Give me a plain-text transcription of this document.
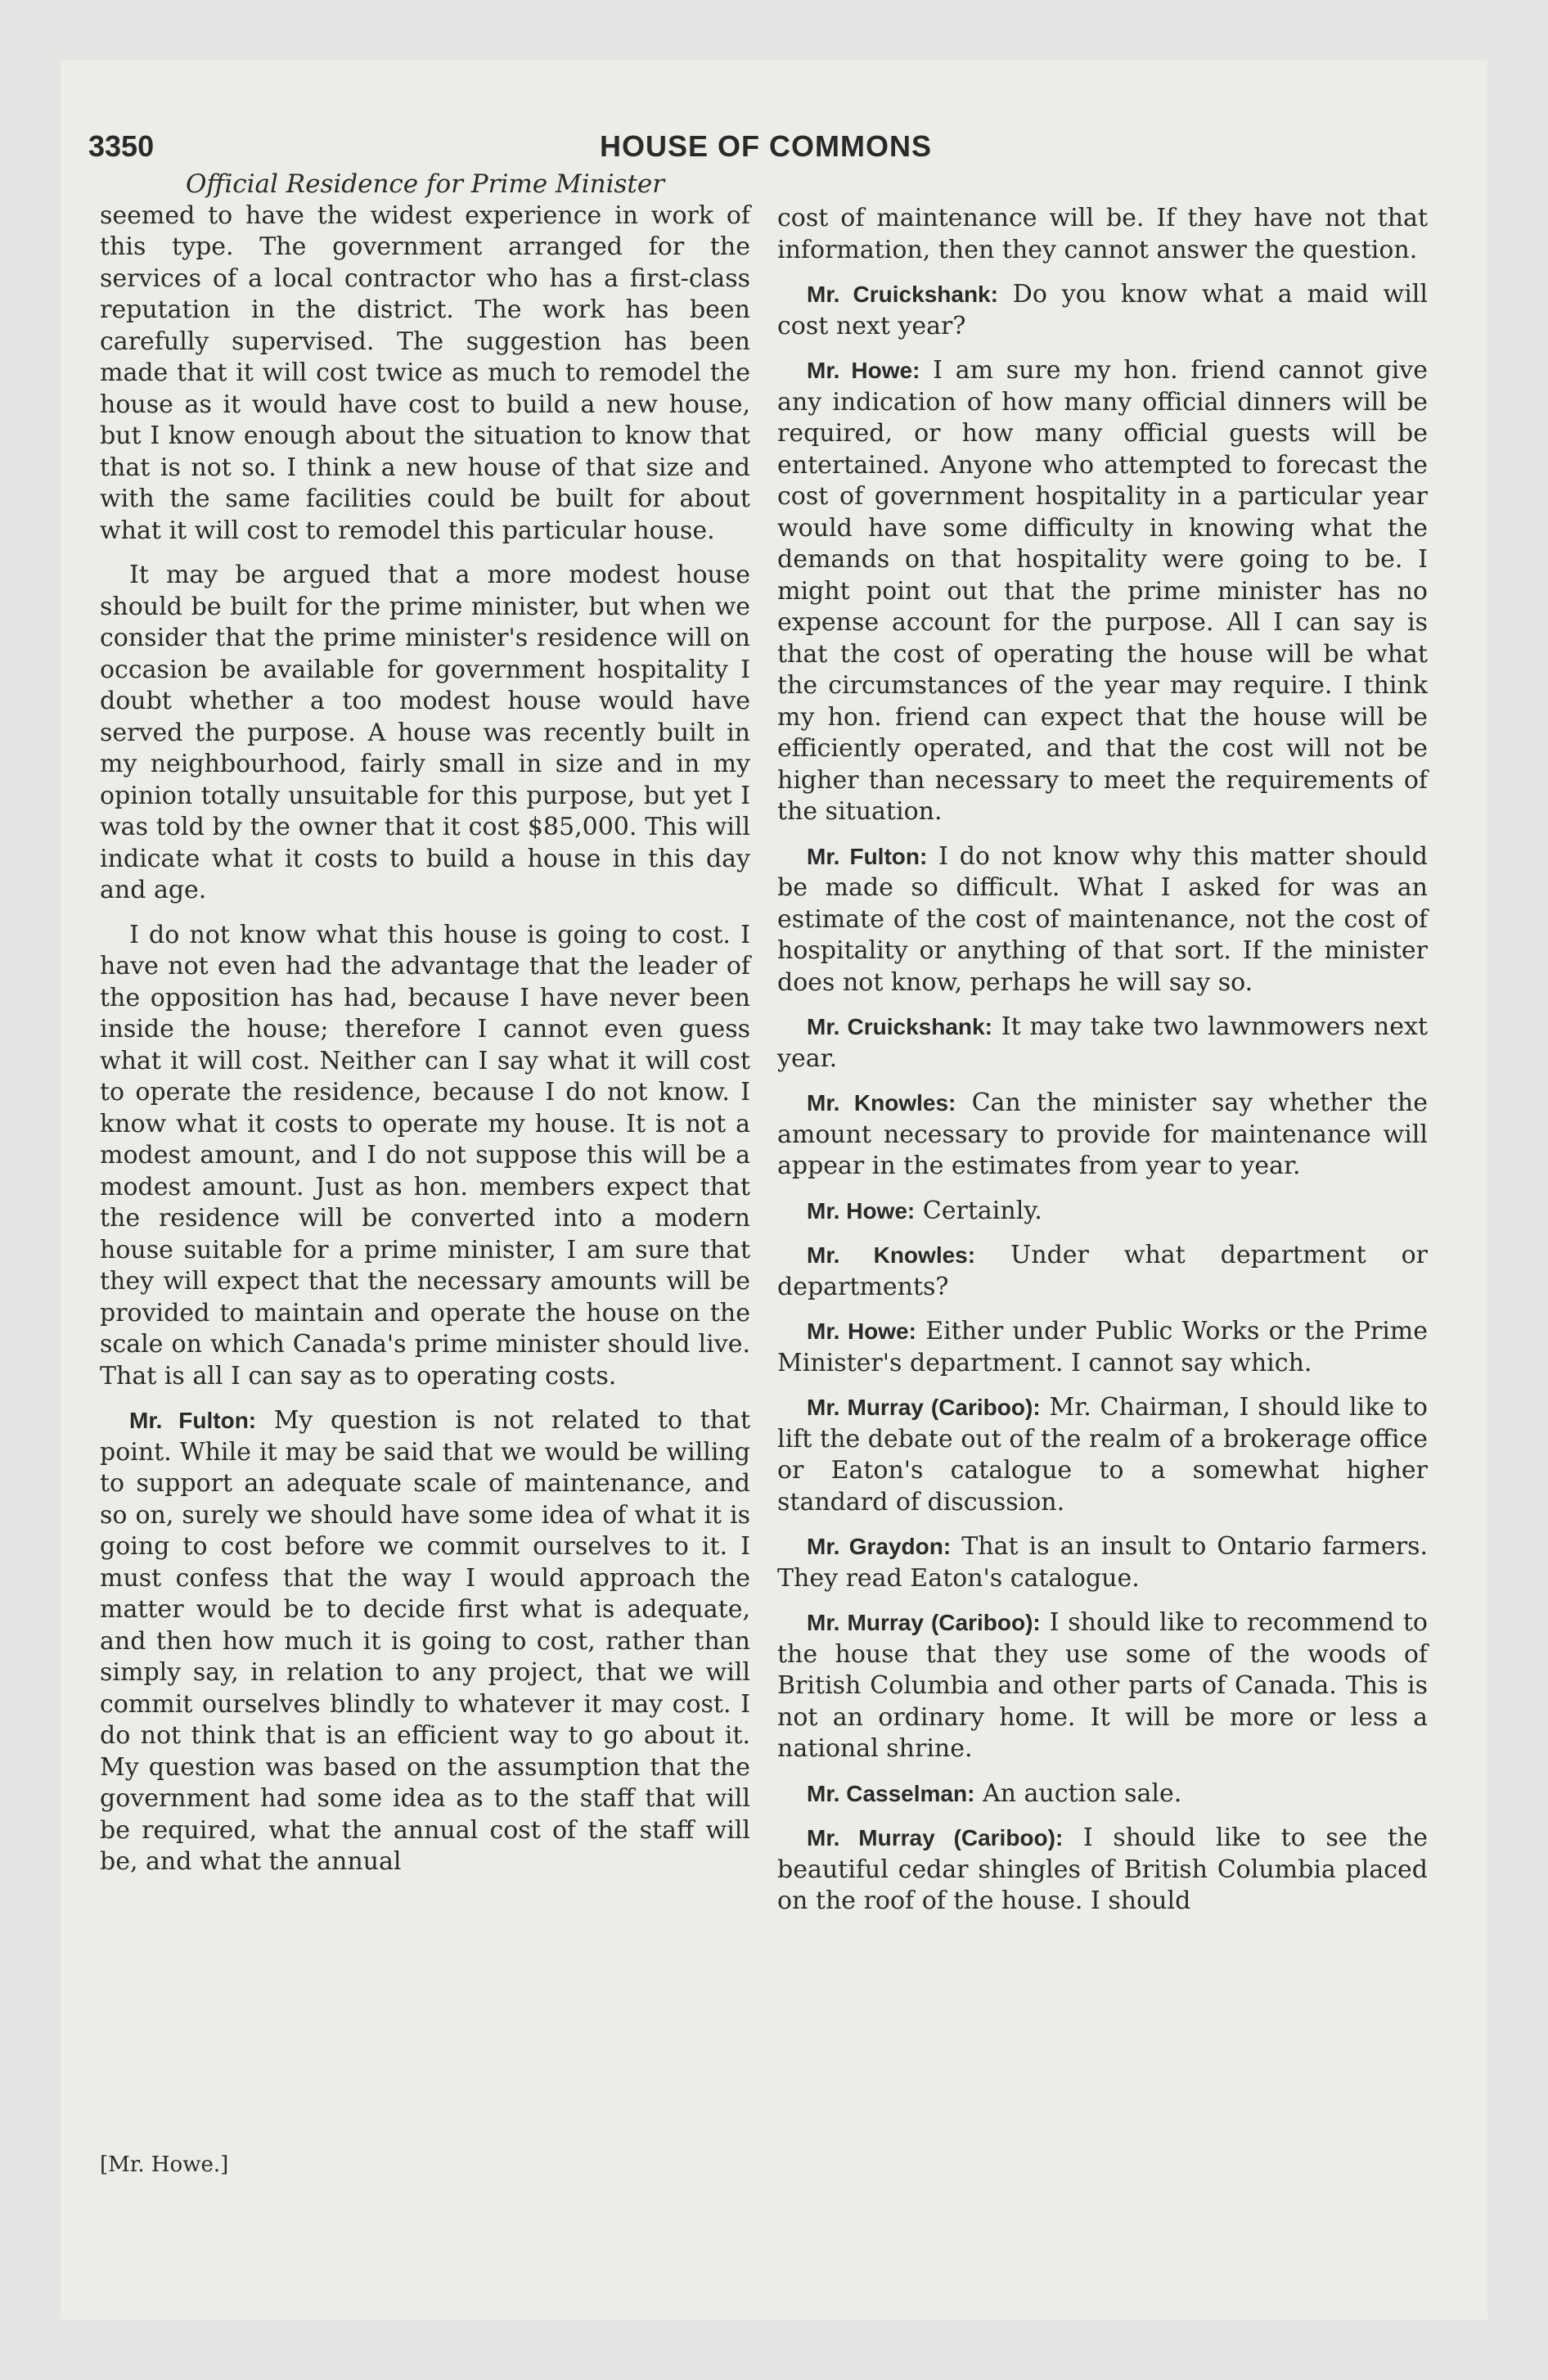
3350	HOUSE OF COMMONS
Official Residence for Prime Minister

seemed to have the widest experience in work of this type. The government arranged for the services of a local contractor who has a first-class reputation in the district. The work has been carefully supervised. The suggestion has been made that it will cost twice as much to remodel the house as it would have cost to build a new house, but I know enough about the situation to know that that is not so. I think a new house of that size and with the same facilities could be built for about what it will cost to remodel this particular house.

It may be argued that a more modest house should be built for the prime minister, but when we consider that the prime minister's residence will on occasion be available for government hospitality I doubt whether a too modest house would have served the purpose. A house was recently built in my neighbourhood, fairly small in size and in my opinion totally unsuitable for this purpose, but yet I was told by the owner that it cost $85,000. This will indicate what it costs to build a house in this day and age.

I do not know what this house is going to cost. I have not even had the advantage that the leader of the opposition has had, because I have never been inside the house; therefore I cannot even guess what it will cost. Neither can I say what it will cost to operate the residence, because I do not know. I know what it costs to operate my house. It is not a modest amount, and I do not suppose this will be a modest amount. Just as hon. members expect that the residence will be converted into a modern house suitable for a prime minister, I am sure that they will expect that the necessary amounts will be provided to maintain and operate the house on the scale on which Canada's prime minister should live. That is all I can say as to operating costs.

Mr. Fulton: My question is not related to that point. While it may be said that we would be willing to support an adequate scale of maintenance, and so on, surely we should have some idea of what it is going to cost before we commit ourselves to it. I must confess that the way I would approach the matter would be to decide first what is adequate, and then how much it is going to cost, rather than simply say, in relation to any project, that we will commit ourselves blindly to whatever it may cost. I do not think that is an efficient way to go about it. My question was based on the assumption that the government had some idea as to the staff that will be required, what the annual cost of the staff will be, and what the annual

cost of maintenance will be. If they have not that information, then they cannot answer the question.

Mr. Cruickshank: Do you know what a maid will cost next year?

Mr. Howe: I am sure my hon. friend cannot give any indication of how many official dinners will be required, or how many official guests will be entertained. Anyone who attempted to forecast the cost of government hospitality in a particular year would have some difficulty in knowing what the demands on that hospitality were going to be. I might point out that the prime minister has no expense account for the purpose. All I can say is that the cost of operating the house will be what the circumstances of the year may require. I think my hon. friend can expect that the house will be efficiently operated, and that the cost will not be higher than necessary to meet the requirements of the situation.

Mr. Fulton: I do not know why this matter should be made so difficult. What I asked for was an estimate of the cost of maintenance, not the cost of hospitality or anything of that sort. If the minister does not know, perhaps he will say so.

Mr. Cruickshank: It may take two lawnmowers next year.

Mr. Knowles: Can the minister say whether the amount necessary to provide for maintenance will appear in the estimates from year to year.

Mr. Howe: Certainly.

Mr. Knowles: Under what department or departments?

Mr. Howe: Either under Public Works or the Prime Minister's department. I cannot say which.

Mr. Murray (Cariboo): Mr. Chairman, I should like to lift the debate out of the realm of a brokerage office or Eaton's catalogue to a somewhat higher standard of discussion.

Mr. Graydon: That is an insult to Ontario farmers. They read Eaton's catalogue.

Mr. Murray (Cariboo): I should like to recommend to the house that they use some of the woods of British Columbia and other parts of Canada. This is not an ordinary home. It will be more or less a national shrine.

Mr. Casselman: An auction sale.

Mr. Murray (Cariboo): I should like to see the beautiful cedar shingles of British Columbia placed on the roof of the house. I should

[Mr. Howe.]
